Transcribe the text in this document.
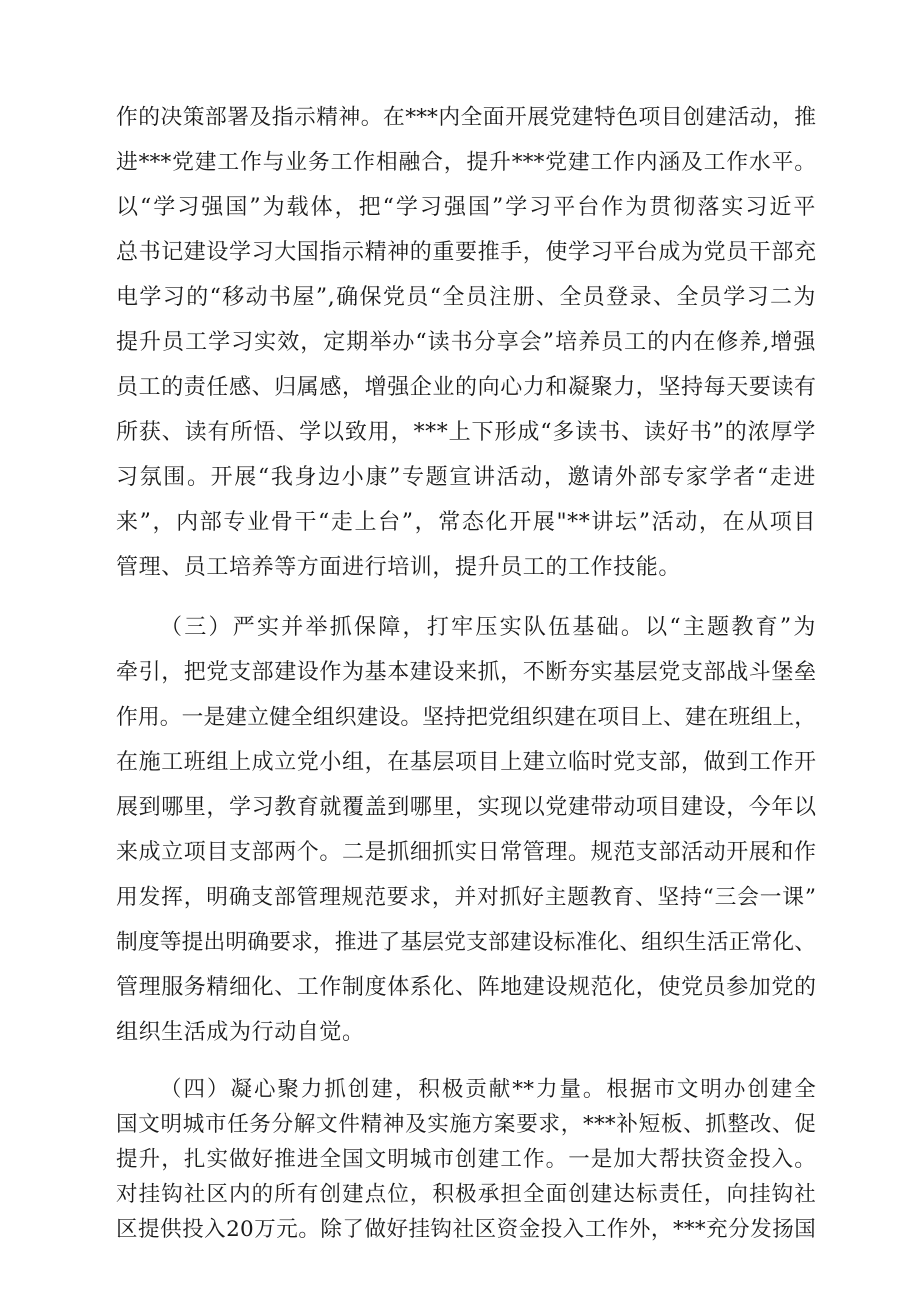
作的决策部署及指示精神。在***内全面开展党建特色项目创建活动，推

进***党建工作与业务工作相融合，提升***党建工作内涵及工作水平。

以“学习强国”为载体，把“学习强国”学习平台作为贯彻落实习近平

总书记建设学习大国指示精神的重要推手，使学习平台成为党员干部充

电学习的“移动书屋”,确保党员“全员注册、全员登录、全员学习二为

提升员工学习实效，定期举办“读书分享会”培养员工的内在修养,增强

员工的责任感、归属感，增强企业的向心力和凝聚力，坚持每天要读有

所获、读有所悟、学以致用，***上下形成“多读书、读好书”的浓厚学

习氛围。开展“我身边小康”专题宣讲活动，邀请外部专家学者“走进

来”，内部专业骨干“走上台”，常态化开展"**讲坛”活动，在从项目

管理、员工培养等方面进行培训，提升员工的工作技能。

（三）严实并举抓保障，打牢压实队伍基础。以“主题教育”为

牵引，把党支部建设作为基本建设来抓，不断夯实基层党支部战斗堡垒

作用。一是建立健全组织建设。坚持把党组织建在项目上、建在班组上，

在施工班组上成立党小组，在基层项目上建立临时党支部，做到工作开

展到哪里，学习教育就覆盖到哪里，实现以党建带动项目建设，今年以

来成立项目支部两个。二是抓细抓实日常管理。规范支部活动开展和作

用发挥，明确支部管理规范要求，并对抓好主题教育、坚持“三会一课”

制度等提出明确要求，推进了基层党支部建设标准化、组织生活正常化、

管理服务精细化、工作制度体系化、阵地建设规范化，使党员参加党的

组织生活成为行动自觉。

（四）凝心聚力抓创建，积极贡献**力量。根据市文明办创建全

国文明城市任务分解文件精神及实施方案要求，***补短板、抓整改、促

提升，扎实做好推进全国文明城市创建工作。一是加大帮扶资金投入。

对挂钩社区内的所有创建点位，积极承担全面创建达标责任，向挂钩社

区提供投入20万元。除了做好挂钩社区资金投入工作外，***充分发扬国
